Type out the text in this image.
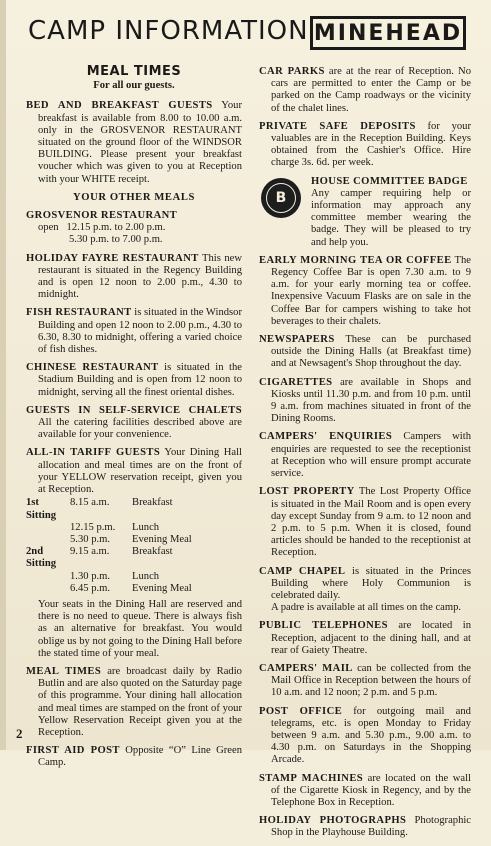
CAMP INFORMATION MINEHEAD
MEAL TIMES
For all our guests.

BED AND BREAKFAST GUESTS Your breakfast is available from 8.00 to 10.00 a.m. only in the GROSVENOR RESTAURANT situated on the ground floor of the WINDSOR BUILDING. Please present your breakfast voucher which was given to you at Reception with your WHITE receipt.

YOUR OTHER MEALS

GROSVENOR RESTAURANT

open 12.15 p.m. to 2.00 p.m.
5.30 p.m. to 7.00 p.m.

HOLIDAY FAYRE RESTAURANT This new restaurant is situated in the Regency Building and is open 12 noon to 2.00 p.m., 4.30 to midnight.

FISH RESTAURANT is situated in the Windsor Building and open 12 noon to 2.00 p.m., 4.30 to 6.30, 8.30 to midnight, offering a varied choice of fish dishes.

CHINESE RESTAURANT is situated in the Stadium Building and is open from 12 noon to midnight, serving all the finest oriental dishes.

GUESTS IN SELF-SERVICE CHALETS All the catering facilities described above are available for your convenience.

ALL-IN TARIFF GUESTS Your Dining Hall allocation and meal times are on the front of your YELLOW reservation receipt, given you at Reception.

1st Sitting	8.15 a.m.	Breakfast
	12.15 p.m.	Lunch
	5.30 p.m.	Evening Meal
2nd Sitting	9.15 a.m.	Breakfast
	1.30 p.m.	Lunch
	6.45 p.m.	Evening Meal

Your seats in the Dining Hall are reserved and there is no need to queue. There is always fish as an alternative for breakfast. You would oblige us by not going to the Dining Hall before the stated time of your meal.

MEAL TIMES are broadcast daily by Radio Butlin and are also quoted on the Saturday page of this programme. Your dining hall allocation and meal times are stamped on the front of your Yellow Reservation Receipt given you at the Reception.

FIRST AID POST Opposite “O” Line Green Camp.

CAR PARKS are at the rear of Reception. No cars are permitted to enter the Camp or be parked on the Camp roadways or the vicinity of the chalet lines.

PRIVATE SAFE DEPOSITS for your valuables are in the Reception Building. Keys obtained from the Cashier's Office. Hire charge 3s. 6d. per week.

B
HOUSE COMMITTEE BADGE
Any camper requiring help or information may approach any committee member wearing the badge. They will be pleased to try and help you.

EARLY MORNING TEA OR COFFEE The Regency Coffee Bar is open 7.30 a.m. to 9 a.m. for your early morning tea or coffee. Inexpensive Vacuum Flasks are on sale in the Coffee Bar for campers wishing to take hot beverages to their chalets.

NEWSPAPERS These can be purchased outside the Dining Halls (at Breakfast time) and at Newsagent's Shop throughout the day.

CIGARETTES are available in Shops and Kiosks until 11.30 p.m. and from 10 p.m. until 9 a.m. from machines situated in front of the Dining Rooms.

CAMPERS' ENQUIRIES Campers with enquiries are requested to see the receptionist at Reception who will ensure prompt accurate service.

LOST PROPERTY The Lost Property Office is situated in the Mail Room and is open every day except Sunday from 9 a.m. to 12 noon and 2 p.m. to 5 p.m. When it is closed, found articles should be handed to the receptionist at Reception.

CAMP CHAPEL is situated in the Princes Building where Holy Communion is celebrated daily.

A padre is available at all times on the camp.

PUBLIC TELEPHONES are located in Reception, adjacent to the dining hall, and at rear of Gaiety Theatre.

CAMPERS' MAIL can be collected from the Mail Office in Reception between the hours of 10 a.m. and 12 noon; 2 p.m. and 5 p.m.

POST OFFICE for outgoing mail and telegrams, etc. is open Monday to Friday between 9 a.m. and 5.30 p.m., 9.00 a.m. to 4.30 p.m. on Saturdays in the Shopping Arcade.

STAMP MACHINES are located on the wall of the Cigarette Kiosk in Regency, and by the Telephone Box in Reception.

HOLIDAY PHOTOGRAPHS Photographic Shop in the Playhouse Building.

2
